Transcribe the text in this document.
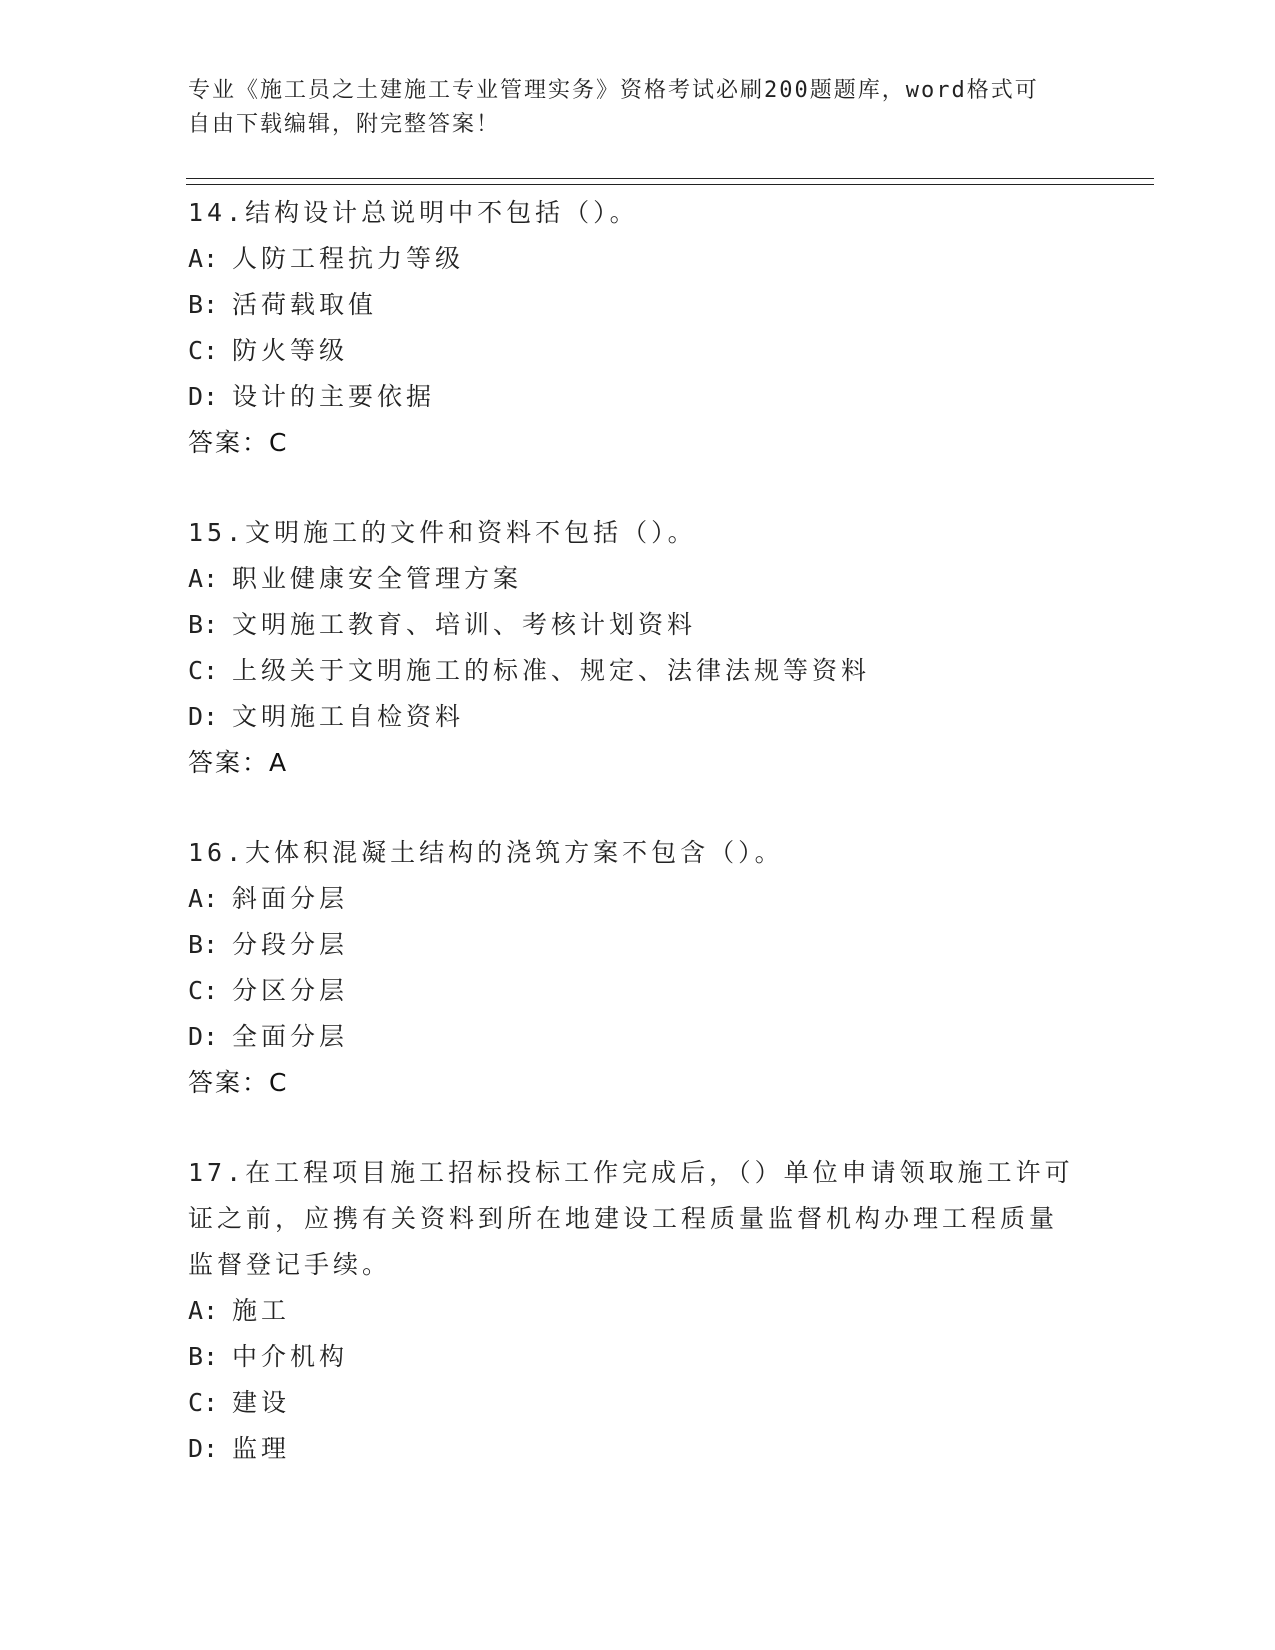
专业《施工员之土建施工专业管理实务》资格考试必刷200题题库，word格式可
自由下载编辑，附完整答案！
14.结构设计总说明中不包括（）。
A: 人防工程抗力等级
B: 活荷载取值
C: 防火等级
D: 设计的主要依据
答案：C
15.文明施工的文件和资料不包括（）。
A: 职业健康安全管理方案
B: 文明施工教育、培训、考核计划资料
C: 上级关于文明施工的标准、规定、法律法规等资料
D: 文明施工自检资料
答案：A
16.大体积混凝土结构的浇筑方案不包含（）。
A: 斜面分层
B: 分段分层
C: 分区分层
D: 全面分层
答案：C
17.在工程项目施工招标投标工作完成后，（）单位申请领取施工许可证之前，应携有关资料到所在地建设工程质量监督机构办理工程质量监督登记手续。
A: 施工
B: 中介机构
C: 建设
D: 监理
